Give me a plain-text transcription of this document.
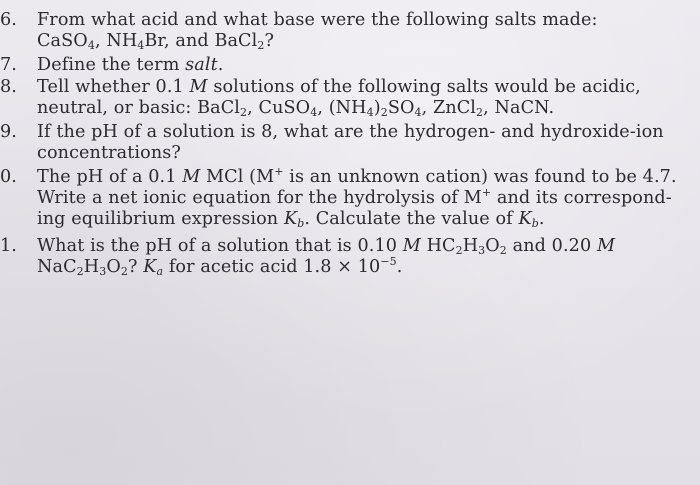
6.	From what acid and what base were the following salts made:
CaSO$_4$, $NH_4Br$, and BaCl$_2$?
7.	Define the term salt.
8.	Tell whether 0.1 M solutions of the following salts would be acidic,
neutral, or basic: BaCl$_2$, CuSO$_4$, $(NH_4)_2SO_4$, ZnCl$_2$, NaCN.
9.	If the pH of a solution is 8, what are the hydrogen- and hydroxide-ion
concentrations?
0.	The pH of a 0.1 M MCl (M+ is an unknown cation) was found to be 4.7.
Write a net ionic equation for the hydrolysis of M+ and its correspond-
ing equilibrium expression $K_b$. Calculate the value of $K_b$.
1.	What is the pH of a solution that is 0.10 M $HC_2H_3O_2$ and 0.20 M
$NaC_2H_3O_2$? $K_a$ for acetic acid $1.8 \times 10^{-5}$.
